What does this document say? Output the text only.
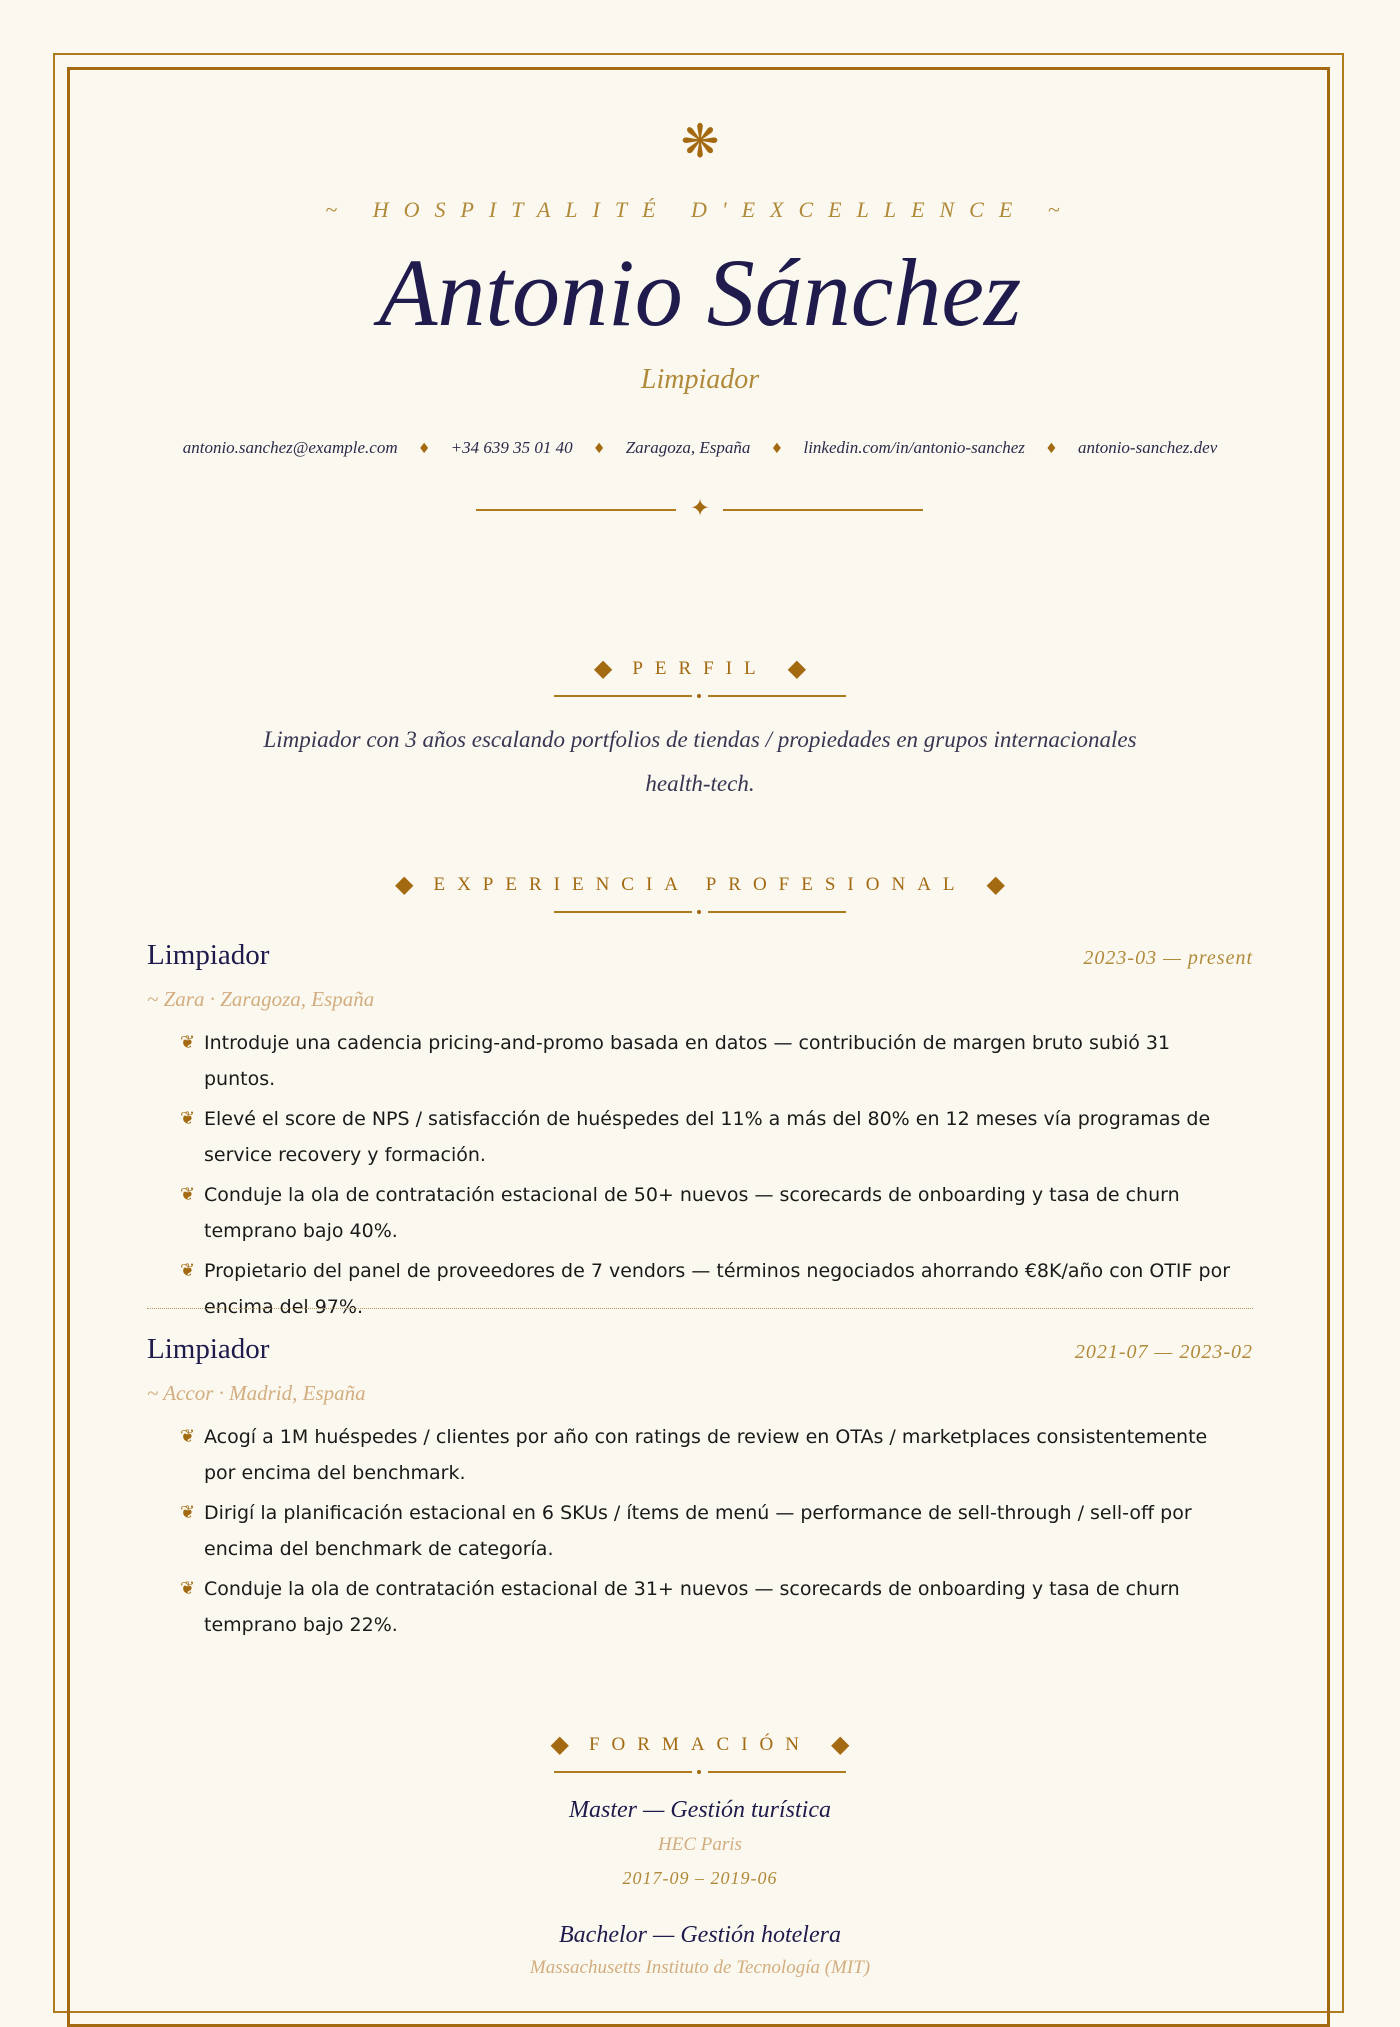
❋
~ HOSPITALITÉ D'EXCELLENCE ~
Antonio Sánchez
Limpiador
antonio.sanchez@example.com ♦ +34 639 35 01 40 ♦ Zaragoza, España ♦ linkedin.com/in/antonio-sanchez ♦ antonio-sanchez.dev
✦
◆ PERFIL ◆
Limpiador con 3 años escalando portfolios de tiendas / propiedades en grupos internacionales health-tech.
◆ EXPERIENCIA PROFESIONAL ◆
Limpiador	2023-03 — present
~ Zara · Zaragoza, España
❦ Introduje una cadencia pricing-and-promo basada en datos — contribución de margen bruto subió 31 puntos.
❦ Elevé el score de NPS / satisfacción de huéspedes del 11% a más del 80% en 12 meses vía programas de service recovery y formación.
❦ Conduje la ola de contratación estacional de 50+ nuevos — scorecards de onboarding y tasa de churn temprano bajo 40%.
❦ Propietario del panel de proveedores de 7 vendors — términos negociados ahorrando €8K/año con OTIF por encima del 97%.
Limpiador	2021-07 — 2023-02
~ Accor · Madrid, España
❦ Acogí a 1M huéspedes / clientes por año con ratings de review en OTAs / marketplaces consistentemente por encima del benchmark.
❦ Dirigí la planificación estacional en 6 SKUs / ítems de menú — performance de sell-through / sell-off por encima del benchmark de categoría.
❦ Conduje la ola de contratación estacional de 31+ nuevos — scorecards de onboarding y tasa de churn temprano bajo 22%.
◆ FORMACIÓN ◆
Master — Gestión turística
HEC Paris
2017-09 – 2019-06
Bachelor — Gestión hotelera
Massachusetts Instituto de Tecnología (MIT)
